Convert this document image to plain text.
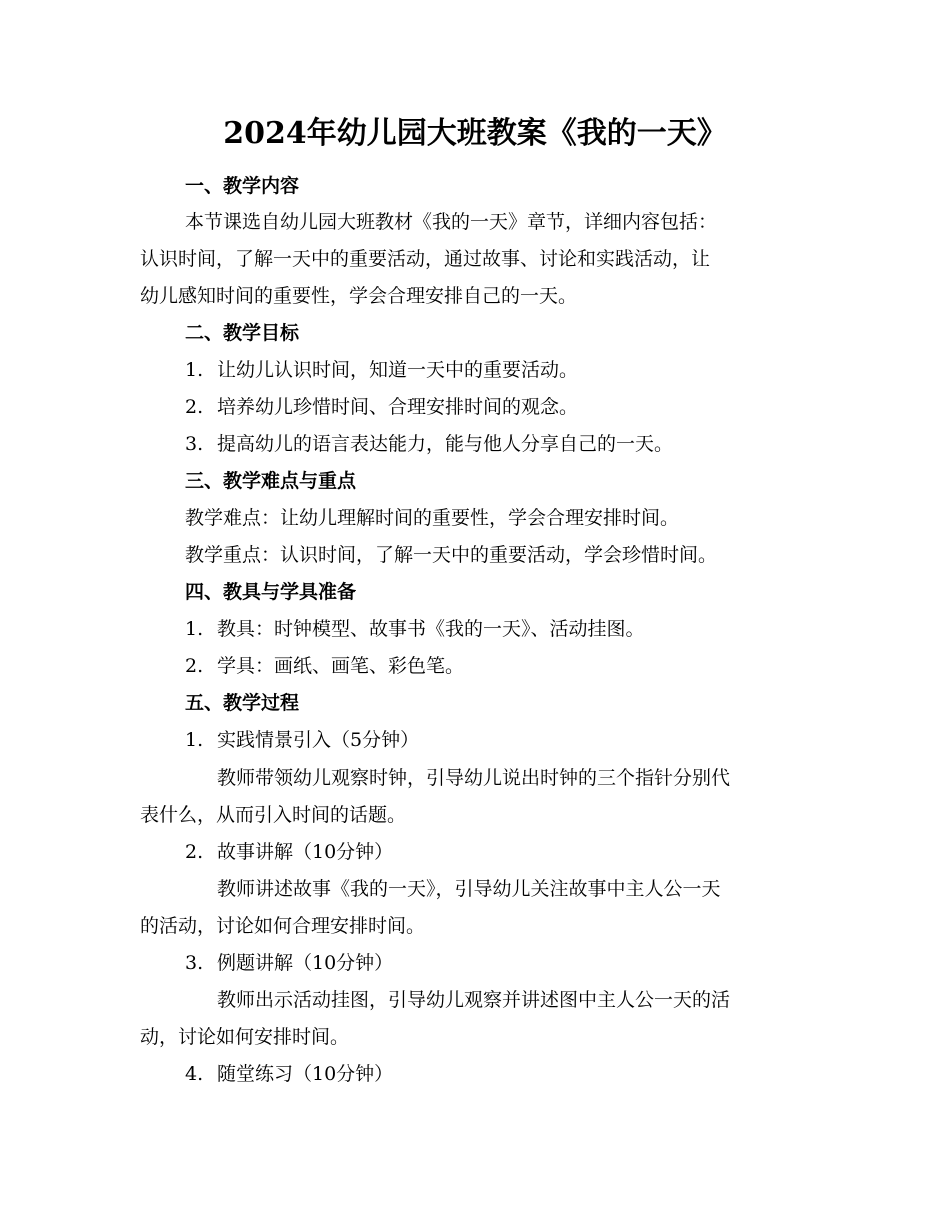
2024年幼儿园大班教案《我的一天》
一、教学内容
本节课选自幼儿园大班教材《我的一天》章节，详细内容包括：
认识时间，了解一天中的重要活动，通过故事、讨论和实践活动，让
幼儿感知时间的重要性，学会合理安排自己的一天。
二、教学目标
1. 让幼儿认识时间，知道一天中的重要活动。
2. 培养幼儿珍惜时间、合理安排时间的观念。
3. 提高幼儿的语言表达能力，能与他人分享自己的一天。
三、教学难点与重点
教学难点：让幼儿理解时间的重要性，学会合理安排时间。
教学重点：认识时间，了解一天中的重要活动，学会珍惜时间。
四、教具与学具准备
1. 教具：时钟模型、故事书《我的一天》、活动挂图。
2. 学具：画纸、画笔、彩色笔。
五、教学过程
1. 实践情景引入（5分钟）
教师带领幼儿观察时钟，引导幼儿说出时钟的三个指针分别代
表什么，从而引入时间的话题。
2. 故事讲解（10分钟）
教师讲述故事《我的一天》，引导幼儿关注故事中主人公一天
的活动，讨论如何合理安排时间。
3. 例题讲解（10分钟）
教师出示活动挂图，引导幼儿观察并讲述图中主人公一天的活
动，讨论如何安排时间。
4. 随堂练习（10分钟）
